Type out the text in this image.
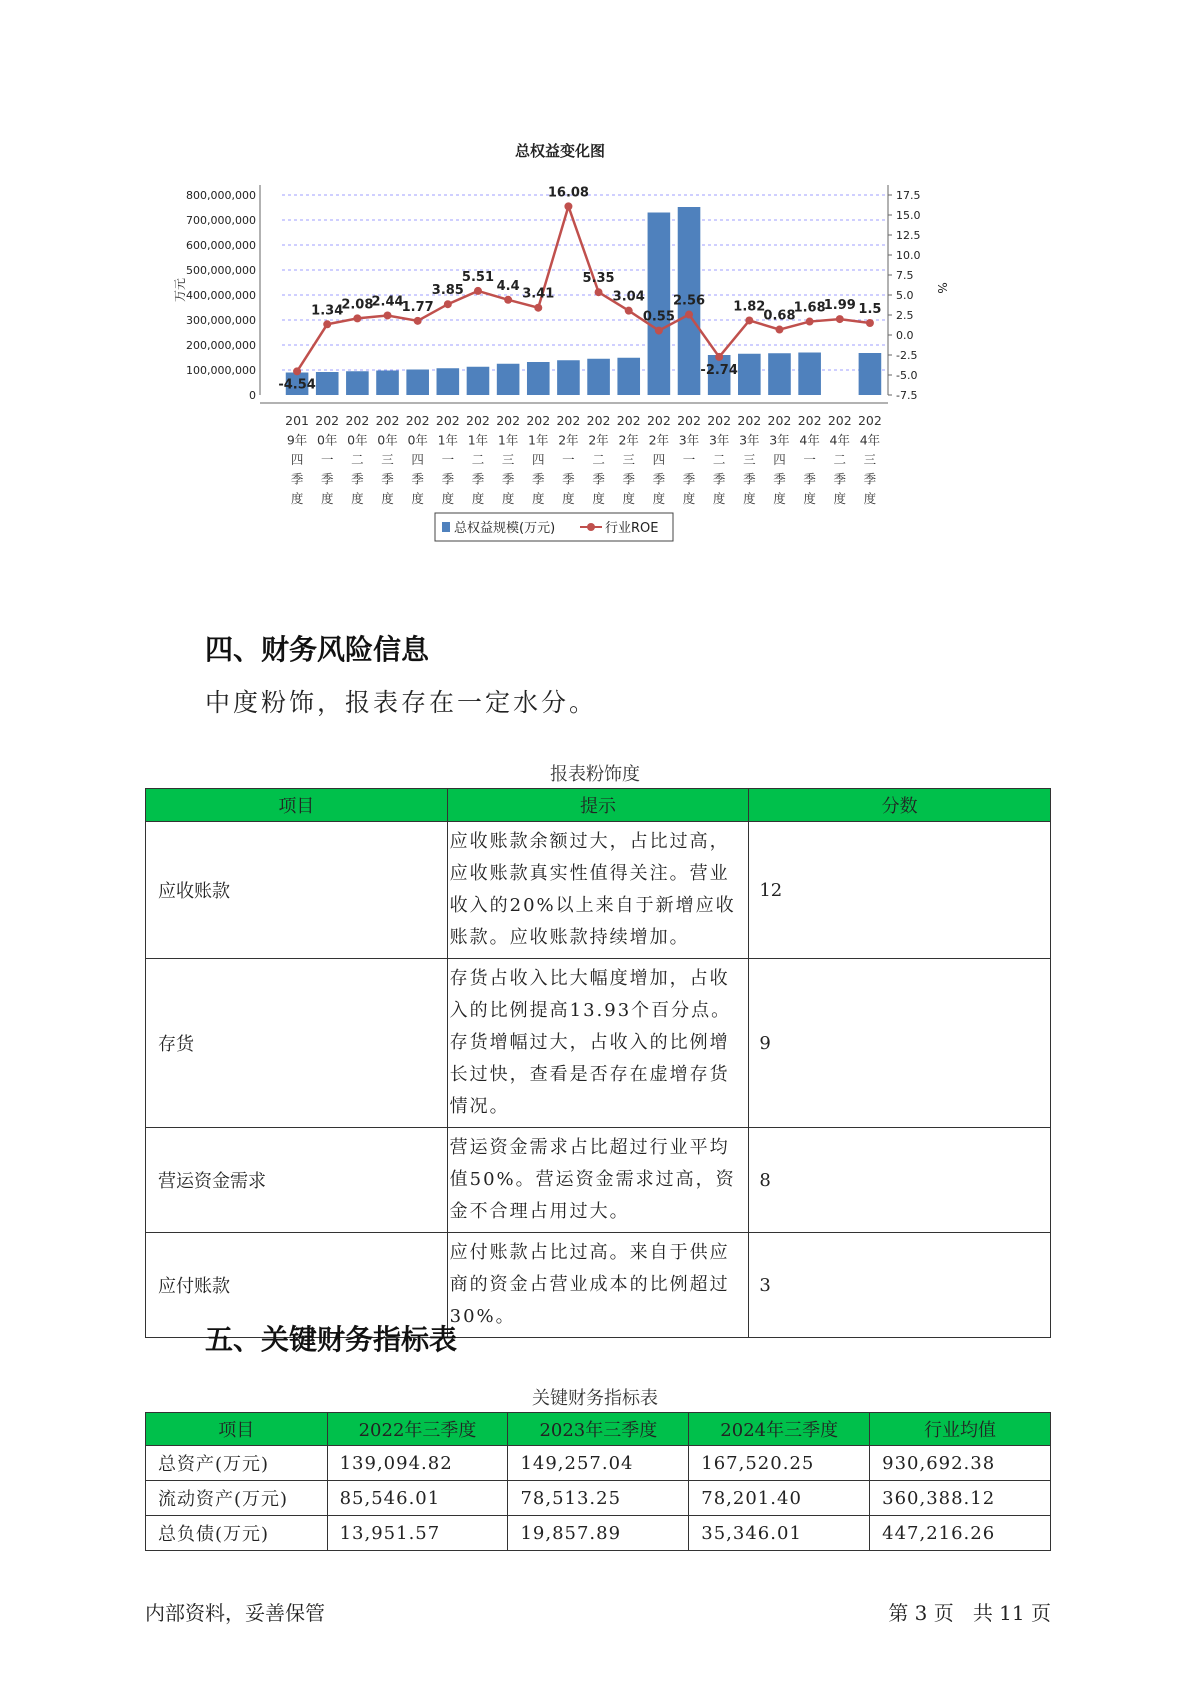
总权益变化图
800,000,000
700,000,000
600,000,000
500,000,000
400,000,000
300,000,000
200,000,000
100,000,000
0
17.5
15.0
12.5
10.0
7.5
5.0
2.5
0.0
-2.5
-5.0
-7.5
万元	%
-4.54
1.34
2.08
2.44
1.77
3.85
5.51
4.4
3.41
16.08
5.35
3.04
0.55
2.56
-2.74
1.82
0.68
1.68
1.99 1.5
201
9年
四
季
度
202
0年
一
季
度
202
0年
二
季
度
202
0年
三
季
度
202
0年
四
季
度
202
1年
一
季
度
202
1年
二
季
度
202
1年
三
季
度
202
1年
四
季
度
202
2年
一
季
度
202
2年
二
季
度
202
2年
三
季
度
202
2年
四
季
度
202
3年
一
季
度
202
3年
二
季
度
202
3年
三
季
度
202
3年
四
季
度
202
4年
一
季
度
202
4年
二
季
度
202
4年
三
季
度
总权益规模(万元)	行业ROE
四、财务风险信息
中度粉饰，报表存在一定水分。
报表粉饰度
项目	提示	分数
应收账款	应收账款余额过大，占比过高，应收账款真实性值得关注。营业收入的20%以上来自于新增应收账款。应收账款持续增加。	12
存货	存货占收入比大幅度增加，占收入的比例提高13.93个百分点。存货增幅过大，占收入的比例增长过快，查看是否存在虚增存货情况。	9
营运资金需求	营运资金需求占比超过行业平均值50%。营运资金需求过高，资金不合理占用过大。	8
应付账款	应付账款占比过高。来自于供应商的资金占营业成本的比例超过30%。	3
五、关键财务指标表
关键财务指标表
项目	2022年三季度	2023年三季度	2024年三季度	行业均值
总资产(万元)	139,094.82	149,257.04	167,520.25	930,692.38
流动资产(万元)	85,546.01	78,513.25	78,201.40	360,388.12
总负债(万元)	13,951.57	19,857.89	35,346.01	447,216.26
内部资料，妥善保管	第 3 页   共 11 页
